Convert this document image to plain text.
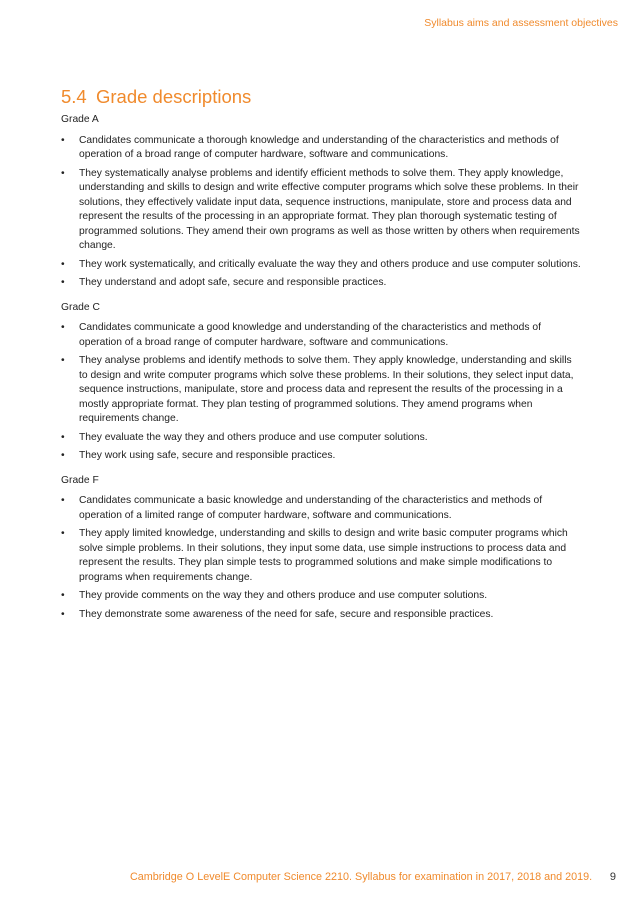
Syllabus aims and assessment objectives
5.4 Grade descriptions

Grade A

• Candidates communicate a thorough knowledge and understanding of the characteristics and methods of operation of a broad range of computer hardware, software and communications.
• They systematically analyse problems and identify efficient methods to solve them. They apply knowledge, understanding and skills to design and write effective computer programs which solve these problems. In their solutions, they effectively validate input data, sequence instructions, manipulate, store and process data and represent the results of the processing in an appropriate format. They plan thorough systematic testing of programmed solutions. They amend their own programs as well as those written by others when requirements change.
• They work systematically, and critically evaluate the way they and others produce and use computer solutions.
• They understand and adopt safe, secure and responsible practices.

Grade C

• Candidates communicate a good knowledge and understanding of the characteristics and methods of operation of a broad range of computer hardware, software and communications.
• They analyse problems and identify methods to solve them. They apply knowledge, understanding and skills to design and write computer programs which solve these problems. In their solutions, they select input data, sequence instructions, manipulate, store and process data and represent the results of the processing in a mostly appropriate format. They plan testing of programmed solutions. They amend programs when requirements change.
• They evaluate the way they and others produce and use computer solutions.
• They work using safe, secure and responsible practices.

Grade F

• Candidates communicate a basic knowledge and understanding of the characteristics and methods of operation of a limited range of computer hardware, software and communications.
• They apply limited knowledge, understanding and skills to design and write basic computer programs which solve simple problems. In their solutions, they input some data, use simple instructions to process data and represent the results. They plan simple tests to programmed solutions and make simple modifications to programs when requirements change.
• They provide comments on the way they and others produce and use computer solutions.
• They demonstrate some awareness of the need for safe, secure and responsible practices.
Cambridge O LevelE Computer Science 2210. Syllabus for examination in 2017, 2018 and 2019. 9
